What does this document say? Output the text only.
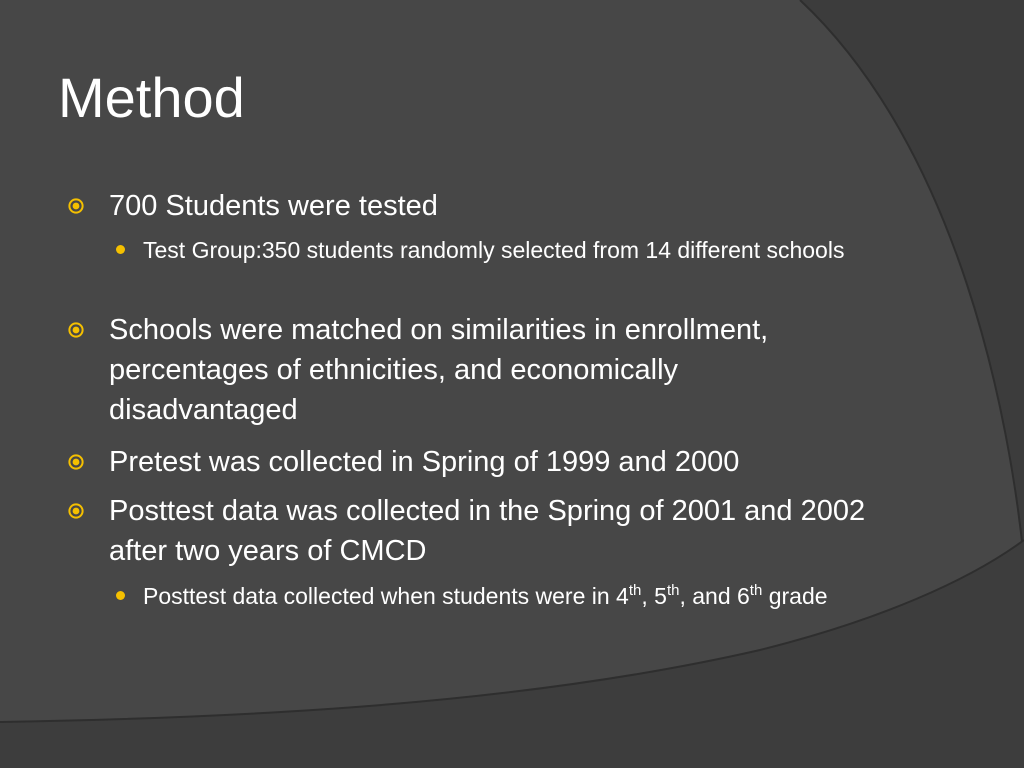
Method
700 Students were tested
Test Group:350 students randomly selected from 14 different schools
Schools were matched on similarities in enrollment, percentages of ethnicities, and economically disadvantaged
Pretest was collected in Spring of 1999 and 2000
Posttest data was collected in the Spring of 2001 and 2002 after two years of CMCD
Posttest data collected when students were in 4th, 5th, and 6th grade
